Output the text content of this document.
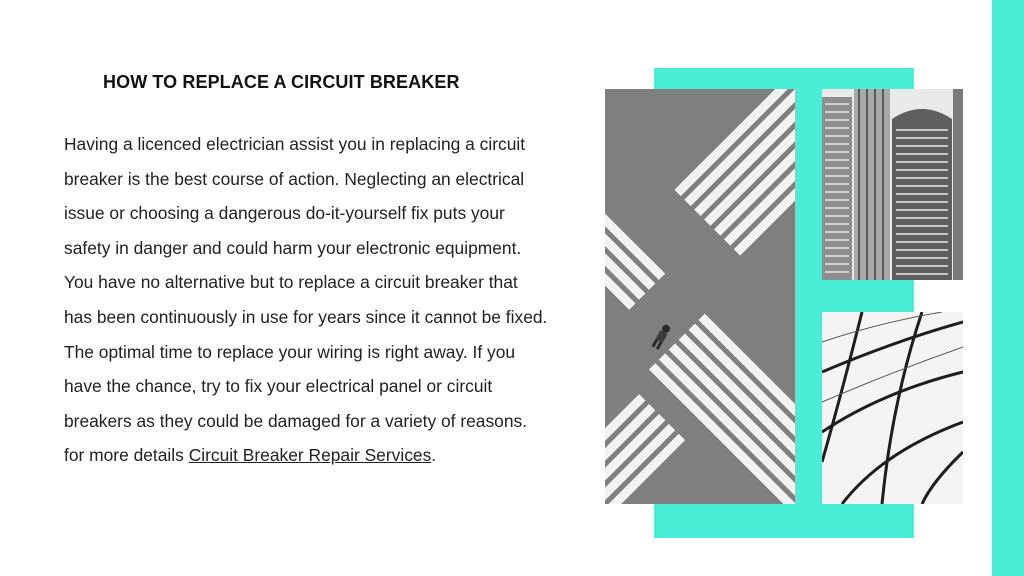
HOW TO REPLACE A CIRCUIT BREAKER
Having a licenced electrician assist you in replacing a circuit
breaker is the best course of action. Neglecting an electrical
issue or choosing a dangerous do-it-yourself fix puts your
safety in danger and could harm your electronic equipment.
You have no alternative but to replace a circuit breaker that
has been continuously in use for years since it cannot be fixed.
The optimal time to replace your wiring is right away. If you
have the chance, try to fix your electrical panel or circuit
breakers as they could be damaged for a variety of reasons.
for more details Circuit Breaker Repair Services.
